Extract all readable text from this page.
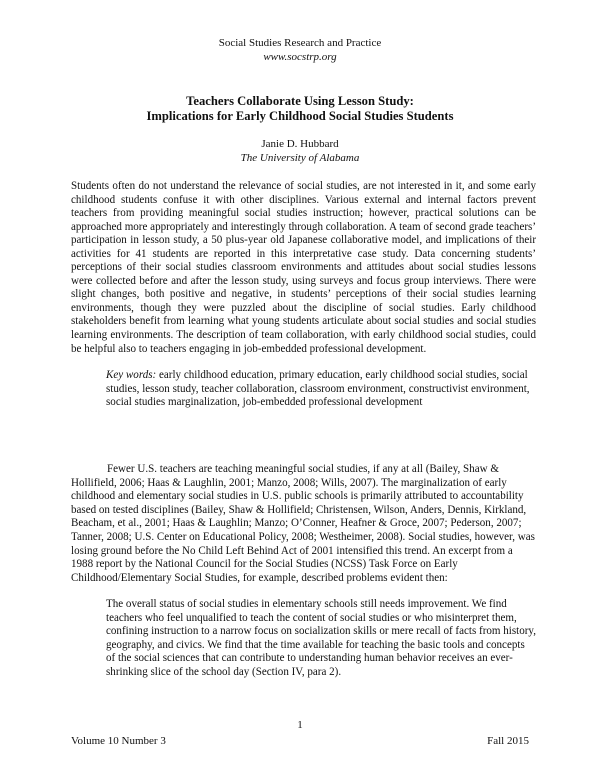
Social Studies Research and Practice
www.socstrp.org
Teachers Collaborate Using Lesson Study:
Implications for Early Childhood Social Studies Students
Janie D. Hubbard
The University of Alabama
Students often do not understand the relevance of social studies, are not interested in it, and some early childhood students confuse it with other disciplines. Various external and internal factors prevent teachers from providing meaningful social studies instruction; however, practical solutions can be approached more appropriately and interestingly through collaboration. A team of second grade teachers’ participation in lesson study, a 50 plus-year old Japanese collaborative model, and implications of their activities for 41 students are reported in this interpretative case study. Data concerning students’ perceptions of their social studies classroom environments and attitudes about social studies lessons were collected before and after the lesson study, using surveys and focus group interviews. There were slight changes, both positive and negative, in students’ perceptions of their social studies learning environments, though they were puzzled about the discipline of social studies. Early childhood stakeholders benefit from learning what young students articulate about social studies and social studies learning environments. The description of team collaboration, with early childhood social studies, could be helpful also to teachers engaging in job-embedded professional development.
Key words: early childhood education, primary education, early childhood social studies, social studies, lesson study, teacher collaboration, classroom environment, constructivist environment, social studies marginalization, job-embedded professional development
Fewer U.S. teachers are teaching meaningful social studies, if any at all (Bailey, Shaw & Hollifield, 2006; Haas & Laughlin, 2001; Manzo, 2008; Wills, 2007). The marginalization of early childhood and elementary social studies in U.S. public schools is primarily attributed to accountability based on tested disciplines (Bailey, Shaw & Hollifield; Christensen, Wilson, Anders, Dennis, Kirkland, Beacham, et al., 2001; Haas & Laughlin; Manzo; O’Conner, Heafner & Groce, 2007; Pederson, 2007; Tanner, 2008; U.S. Center on Educational Policy, 2008; Westheimer, 2008). Social studies, however, was losing ground before the No Child Left Behind Act of 2001 intensified this trend. An excerpt from a 1988 report by the National Council for the Social Studies (NCSS) Task Force on Early Childhood/Elementary Social Studies, for example, described problems evident then:
The overall status of social studies in elementary schools still needs improvement. We find teachers who feel unqualified to teach the content of social studies or who misinterpret them, confining instruction to a narrow focus on socialization skills or mere recall of facts from history, geography, and civics. We find that the time available for teaching the basic tools and concepts of the social sciences that can contribute to understanding human behavior receives an ever-shrinking slice of the school day (Section IV, para 2).
1
Volume 10 Number 3	Fall 2015
